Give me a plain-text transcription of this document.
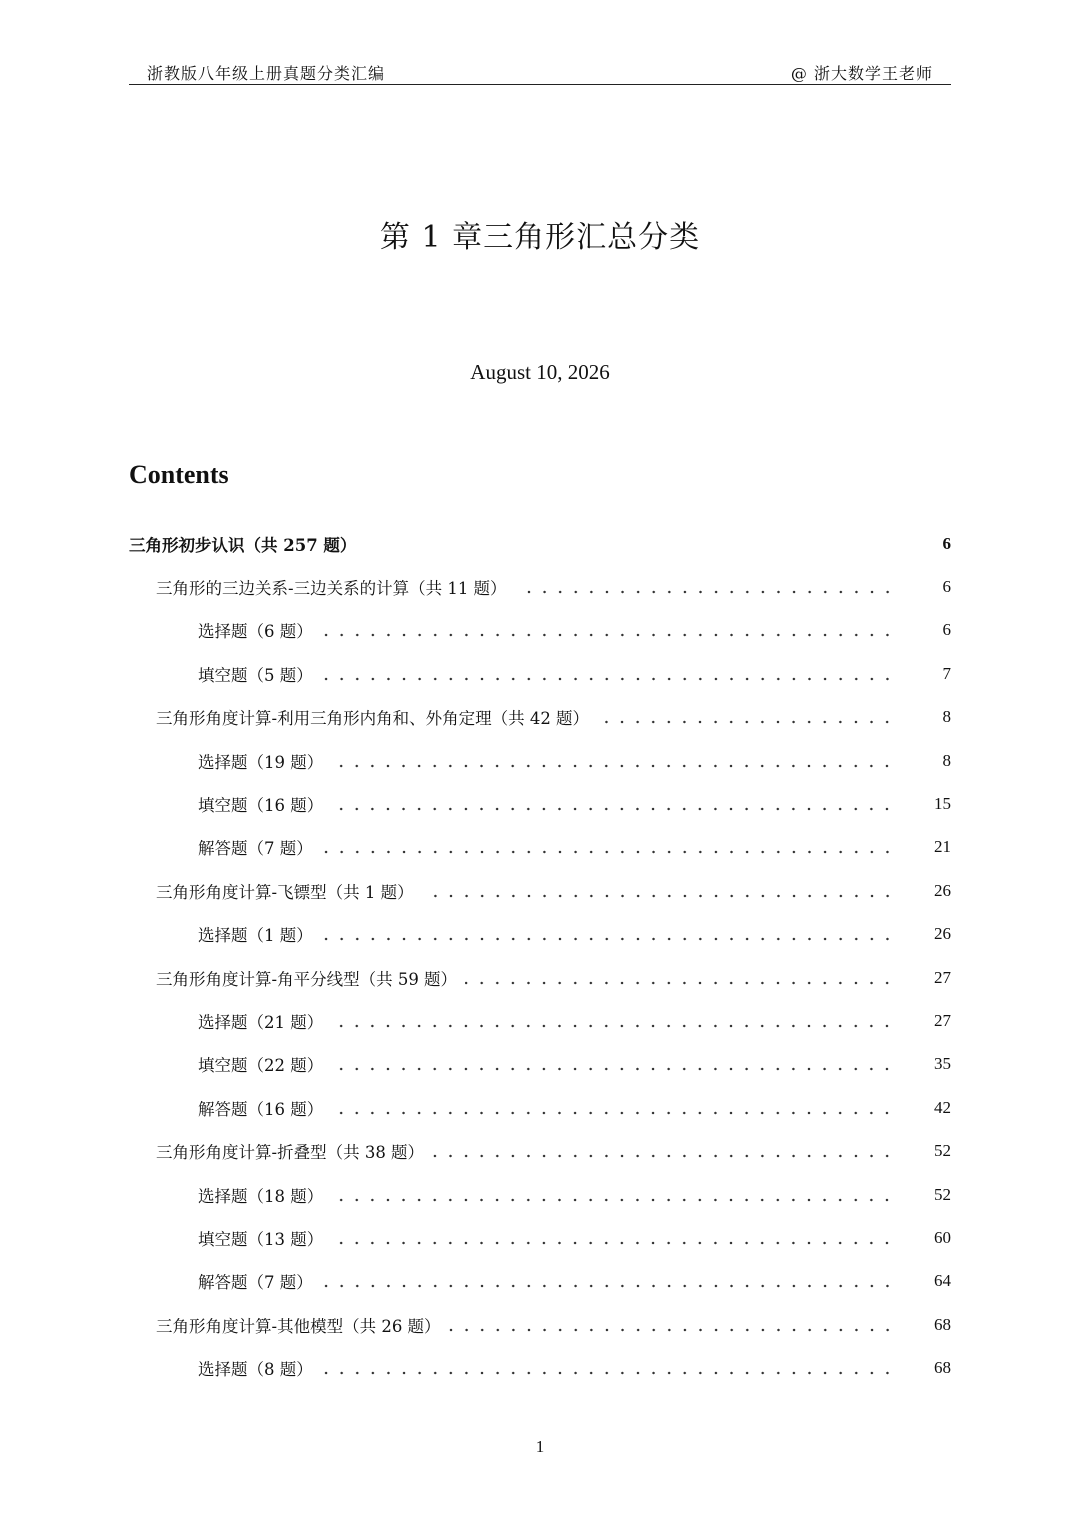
浙教版八年级上册真题分类汇编	@ 浙大数学王老师
第 1 章三角形汇总分类
August 10, 2026
Contents
三角形初步认识（共 257 题）	6
三角形的三边关系-三边关系的计算（共 11 题）	6
选择题（6 题）	6
填空题（5 题）	7
三角形角度计算-利用三角形内角和、外角定理（共 42 题）	8
选择题（19 题）	8
填空题（16 题）	15
解答题（7 题）	21
三角形角度计算-飞镖型（共 1 题）	26
选择题（1 题）	26
三角形角度计算-角平分线型（共 59 题）	27
选择题（21 题）	27
填空题（22 题）	35
解答题（16 题）	42
三角形角度计算-折叠型（共 38 题）	52
选择题（18 题）	52
填空题（13 题）	60
解答题（7 题）	64
三角形角度计算-其他模型（共 26 题）	68
选择题（8 题）	68
1
